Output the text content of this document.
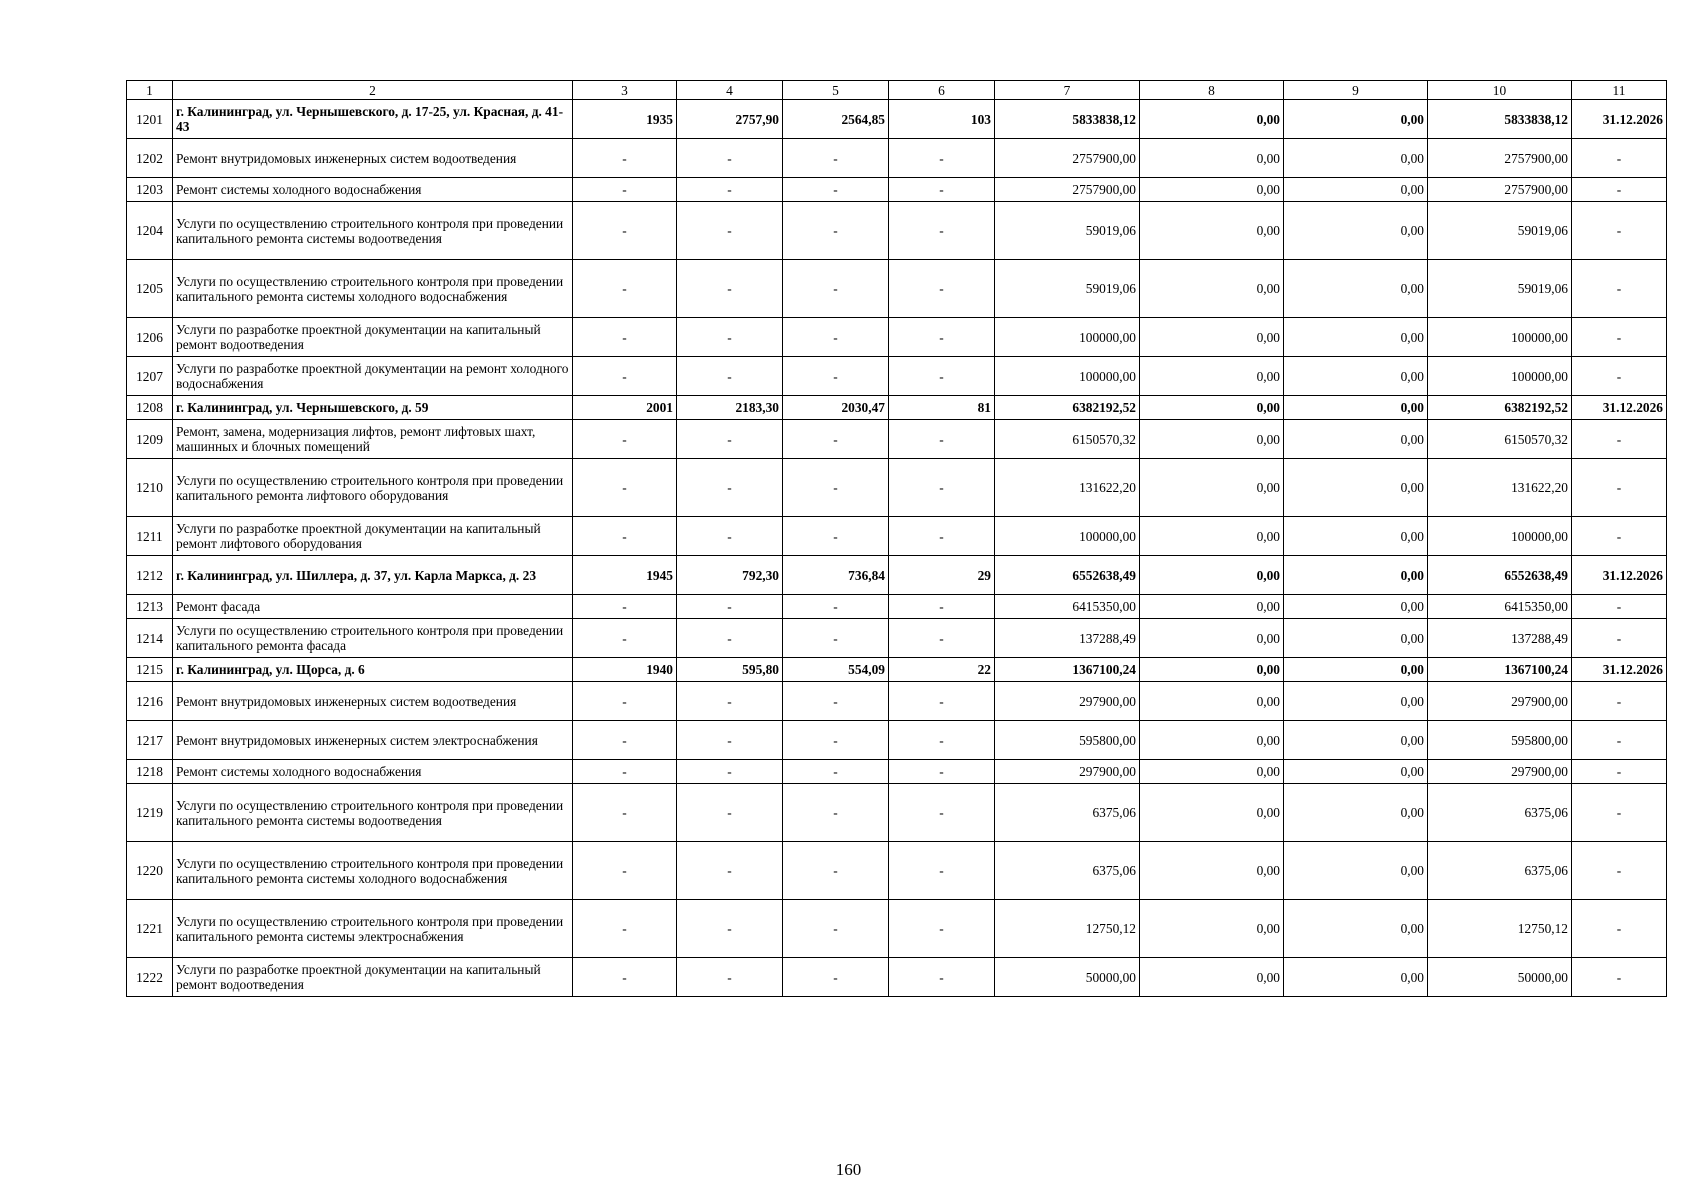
1	2	3	4	5	6	7	8	9	10	11
1201	г. Калининград, ул. Чернышевского, д. 17-25, ул. Красная, д. 41-43	1935	2757,90	2564,85	103	5833838,12	0,00	0,00	5833838,12	31.12.2026
1202	Ремонт внутридомовых инженерных систем водоотведения	-	-	-	-	2757900,00	0,00	0,00	2757900,00	-
1203	Ремонт системы холодного водоснабжения	-	-	-	-	2757900,00	0,00	0,00	2757900,00	-
1204	Услуги по осуществлению строительного контроля при проведении капитального ремонта системы водоотведения	-	-	-	-	59019,06	0,00	0,00	59019,06	-
1205	Услуги по осуществлению строительного контроля при проведении капитального ремонта системы холодного водоснабжения	-	-	-	-	59019,06	0,00	0,00	59019,06	-
1206	Услуги по разработке проектной документации на капитальный ремонт водоотведения	-	-	-	-	100000,00	0,00	0,00	100000,00	-
1207	Услуги по разработке проектной документации на ремонт холодного водоснабжения	-	-	-	-	100000,00	0,00	0,00	100000,00	-
1208	г. Калининград, ул. Чернышевского, д. 59	2001	2183,30	2030,47	81	6382192,52	0,00	0,00	6382192,52	31.12.2026
1209	Ремонт, замена, модернизация лифтов, ремонт лифтовых шахт, машинных и блочных помещений	-	-	-	-	6150570,32	0,00	0,00	6150570,32	-
1210	Услуги по осуществлению строительного контроля при проведении капитального ремонта лифтового оборудования	-	-	-	-	131622,20	0,00	0,00	131622,20	-
1211	Услуги по разработке проектной документации на капитальный ремонт лифтового оборудования	-	-	-	-	100000,00	0,00	0,00	100000,00	-
1212	г. Калининград, ул. Шиллера, д. 37, ул. Карла Маркса, д. 23	1945	792,30	736,84	29	6552638,49	0,00	0,00	6552638,49	31.12.2026
1213	Ремонт фасада	-	-	-	-	6415350,00	0,00	0,00	6415350,00	-
1214	Услуги по осуществлению строительного контроля при проведении капитального ремонта фасада	-	-	-	-	137288,49	0,00	0,00	137288,49	-
1215	г. Калининград, ул. Щорса, д. 6	1940	595,80	554,09	22	1367100,24	0,00	0,00	1367100,24	31.12.2026
1216	Ремонт внутридомовых инженерных систем водоотведения	-	-	-	-	297900,00	0,00	0,00	297900,00	-
1217	Ремонт внутридомовых инженерных систем электроснабжения	-	-	-	-	595800,00	0,00	0,00	595800,00	-
1218	Ремонт системы холодного водоснабжения	-	-	-	-	297900,00	0,00	0,00	297900,00	-
1219	Услуги по осуществлению строительного контроля при проведении капитального ремонта системы водоотведения	-	-	-	-	6375,06	0,00	0,00	6375,06	-
1220	Услуги по осуществлению строительного контроля при проведении капитального ремонта системы холодного водоснабжения	-	-	-	-	6375,06	0,00	0,00	6375,06	-
1221	Услуги по осуществлению строительного контроля при проведении капитального ремонта системы электроснабжения	-	-	-	-	12750,12	0,00	0,00	12750,12	-
1222	Услуги по разработке проектной документации на капитальный ремонт водоотведения	-	-	-	-	50000,00	0,00	0,00	50000,00	-
160
